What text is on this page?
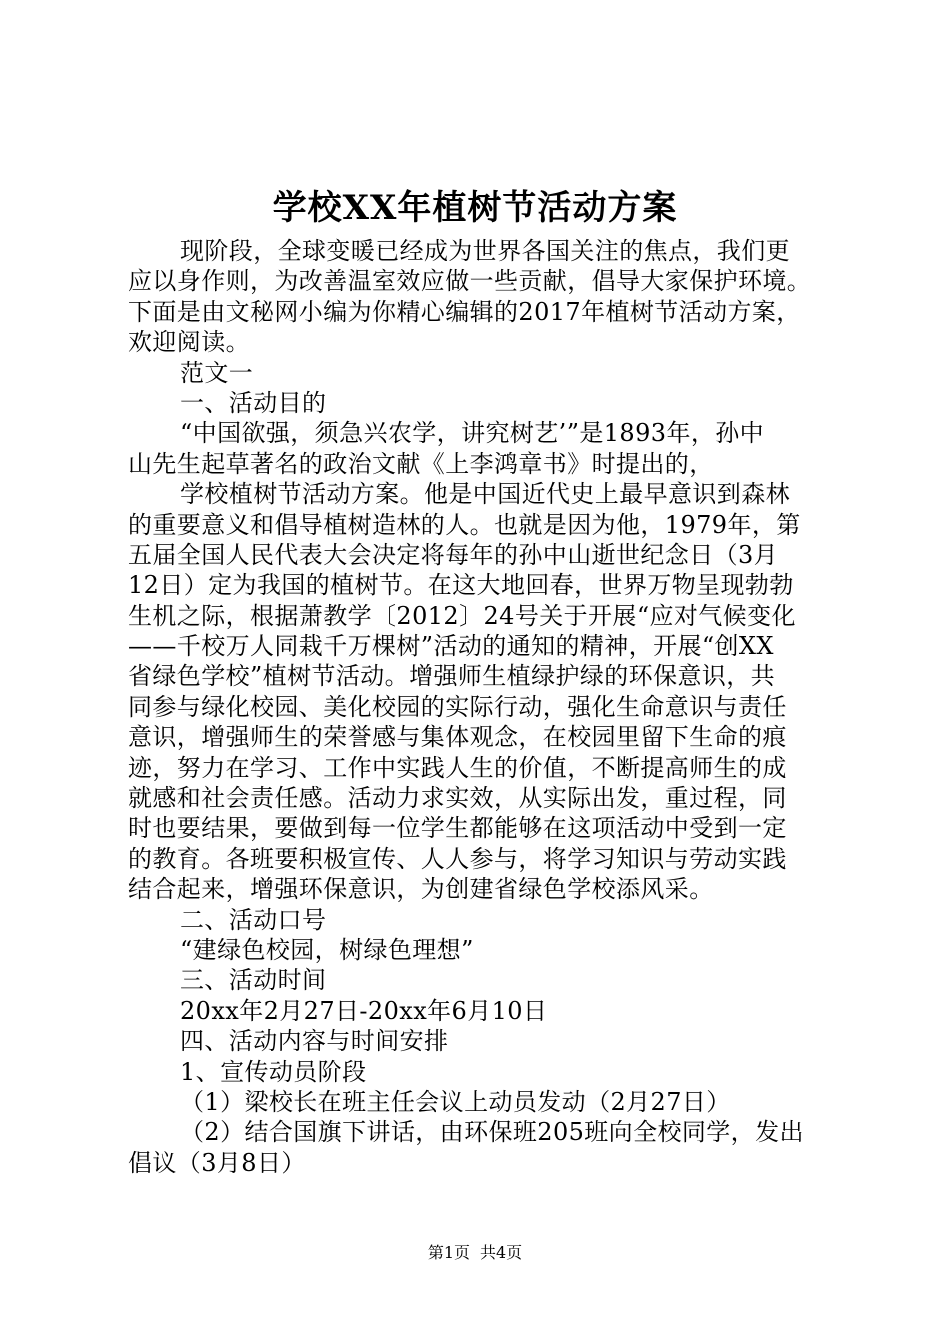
学校XX年植树节活动方案
现阶段，全球变暖已经成为世界各国关注的焦点，我们更
应以身作则，为改善温室效应做一些贡献，倡导大家保护环境。
下面是由文秘网小编为你精心编辑的2017年植树节活动方案，
欢迎阅读。
范文一
一、活动目的
“中国欲强，须急兴农学，讲究树艺’”是1893年，孙中
山先生起草著名的政治文献《上李鸿章书》时提出的，
学校植树节活动方案。他是中国近代史上最早意识到森林
的重要意义和倡导植树造林的人。也就是因为他，1979年，第
五届全国人民代表大会决定将每年的孙中山逝世纪念日（3月
12日）定为我国的植树节。在这大地回春，世界万物呈现勃勃
生机之际，根据萧教学〔2012〕24号关于开展“应对气候变化
——千校万人同栽千万棵树”活动的通知的精神，开展“创XX
省绿色学校”植树节活动。增强师生植绿护绿的环保意识，共
同参与绿化校园、美化校园的实际行动，强化生命意识与责任
意识，增强师生的荣誉感与集体观念，在校园里留下生命的痕
迹，努力在学习、工作中实践人生的价值，不断提高师生的成
就感和社会责任感。活动力求实效，从实际出发，重过程，同
时也要结果，要做到每一位学生都能够在这项活动中受到一定
的教育。各班要积极宣传、人人参与，将学习知识与劳动实践
结合起来，增强环保意识，为创建省绿色学校添风采。
二、活动口号
“建绿色校园，树绿色理想”
三、活动时间
20xx年2月27日-20xx年6月10日
四、活动内容与时间安排
1、宣传动员阶段
（1）梁校长在班主任会议上动员发动（2月27日）
（2）结合国旗下讲话，由环保班205班向全校同学，发出
倡议（3月8日）
第1页 共4页
